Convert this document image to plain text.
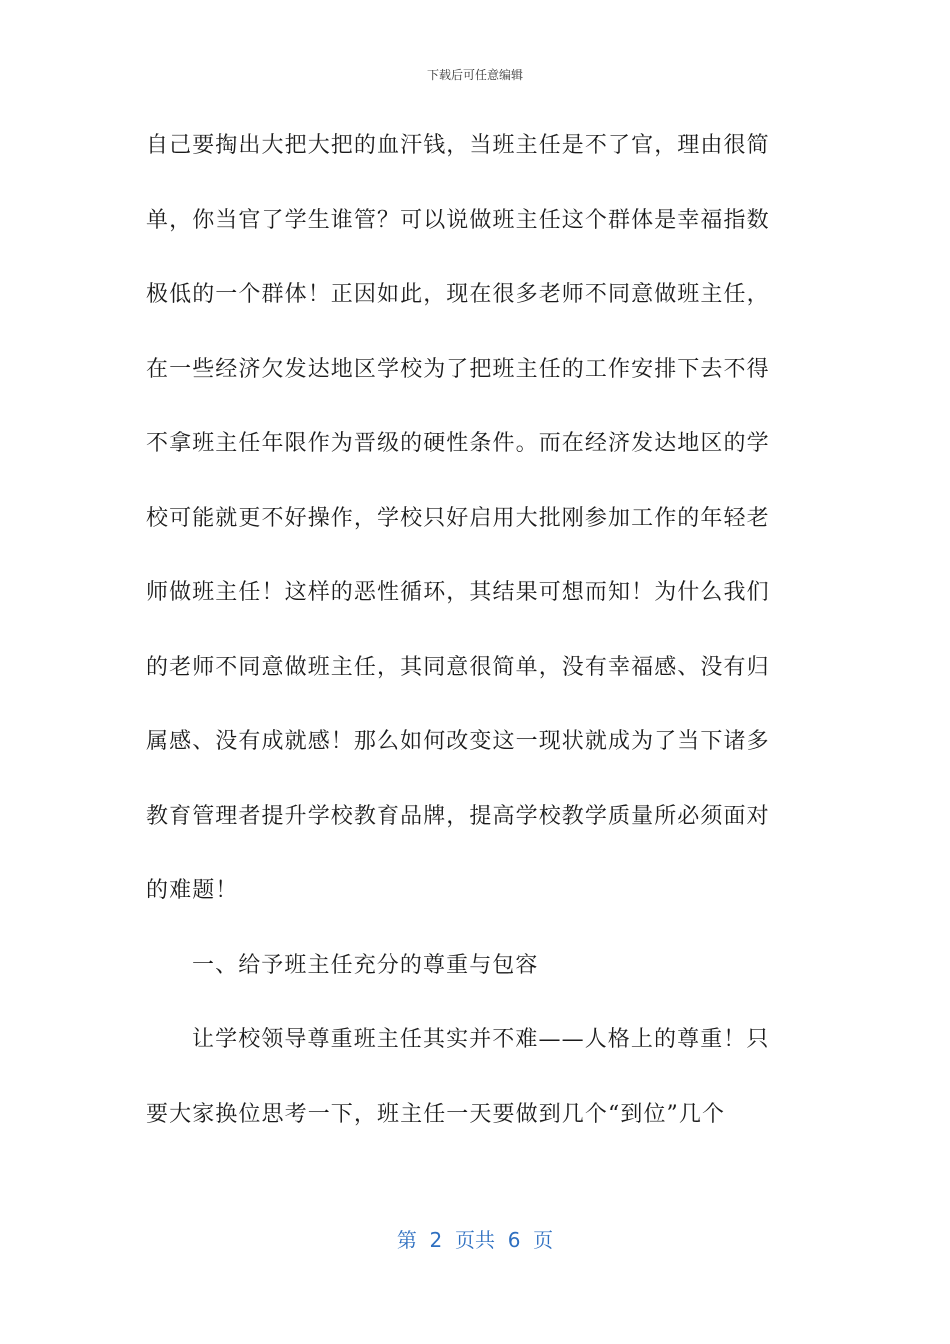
下载后可任意编辑
自己要掏出大把大把的血汗钱，当班主任是不了官，理由很简
单，你当官了学生谁管？可以说做班主任这个群体是幸福指数
极低的一个群体！正因如此，现在很多老师不同意做班主任，
在一些经济欠发达地区学校为了把班主任的工作安排下去不得
不拿班主任年限作为晋级的硬性条件。而在经济发达地区的学
校可能就更不好操作，学校只好启用大批刚参加工作的年轻老
师做班主任！这样的恶性循环，其结果可想而知！为什么我们
的老师不同意做班主任，其同意很简单，没有幸福感、没有归
属感、没有成就感！那么如何改变这一现状就成为了当下诸多
教育管理者提升学校教育品牌，提高学校教学质量所必须面对
的难题！
一、给予班主任充分的尊重与包容
让学校领导尊重班主任其实并不难——人格上的尊重！只
要大家换位思考一下，班主任一天要做到几个“到位”几个
第  2  页共  6  页
